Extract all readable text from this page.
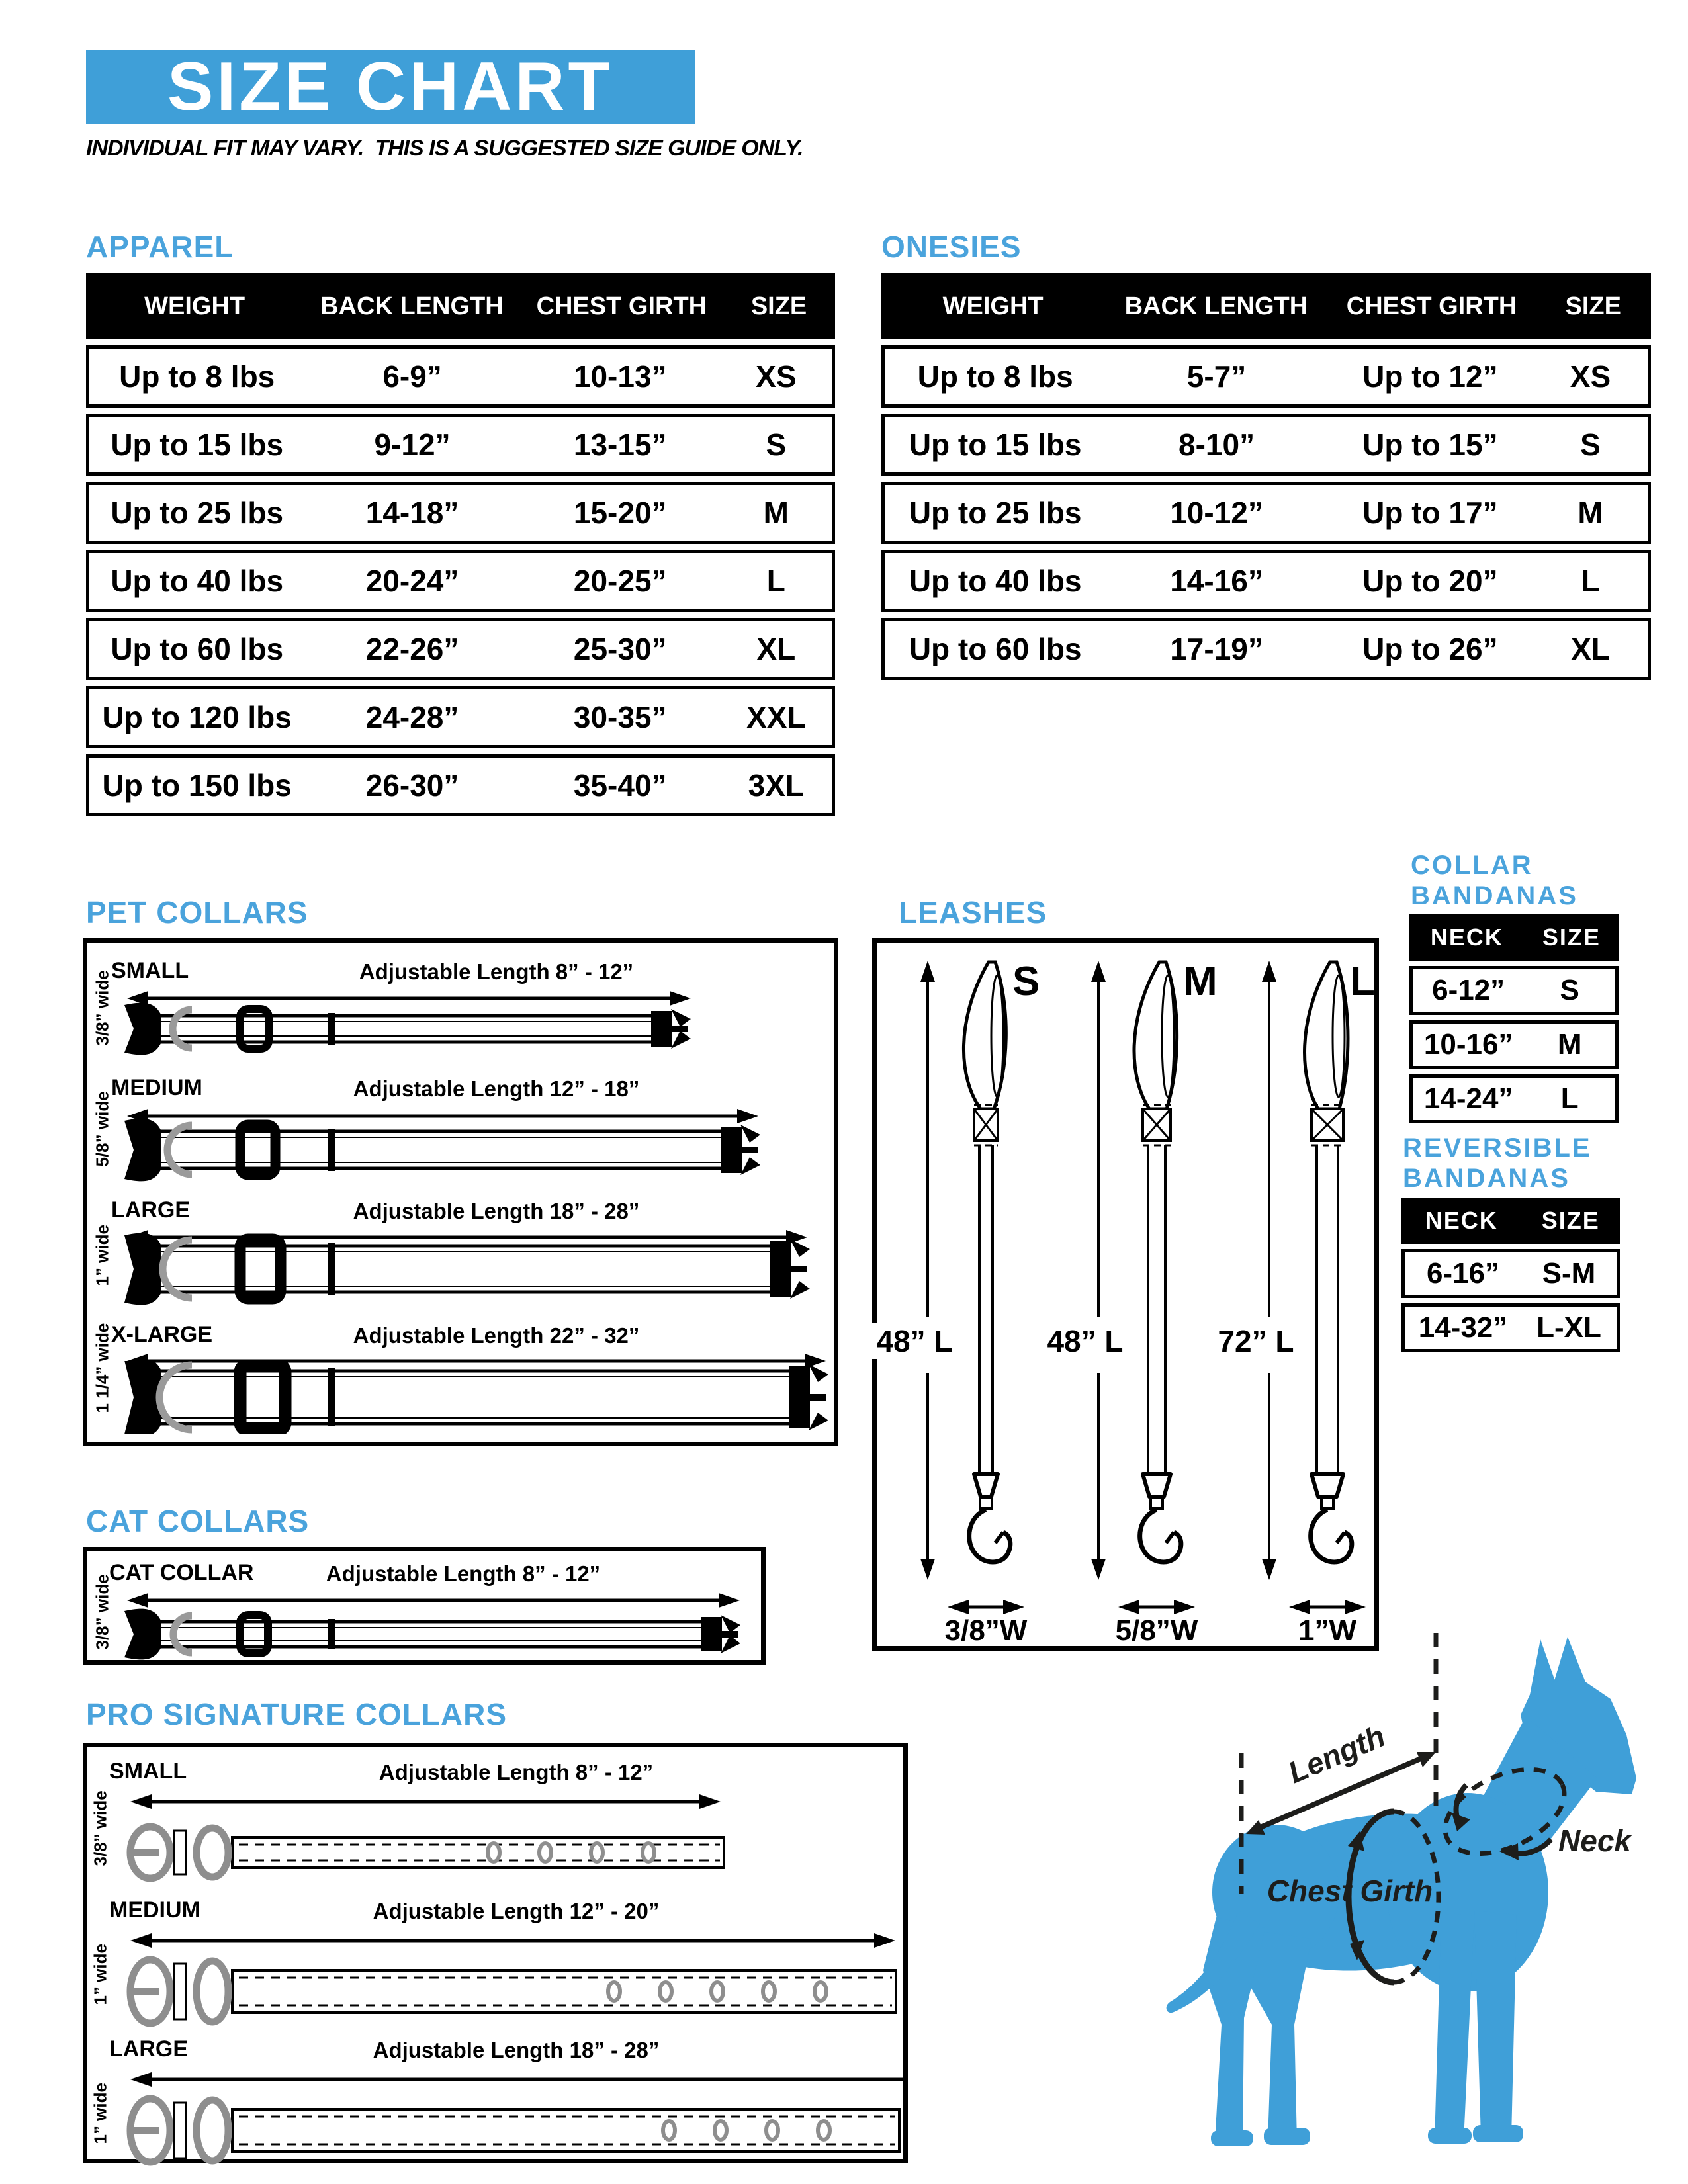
SIZE CHART
INDIVIDUAL FIT MAY VARY.  THIS IS A SUGGESTED SIZE GUIDE ONLY.
APPAREL
WEIGHT	BACK LENGTH	CHEST GIRTH	SIZE
Up to 8 lbs	6-9”	10-13”	XS
Up to 15 lbs	9-12”	13-15”	S
Up to 25 lbs	14-18”	15-20”	M
Up to 40 lbs	20-24”	20-25”	L
Up to 60 lbs	22-26”	25-30”	XL
Up to 120 lbs	24-28”	30-35”	XXL
Up to 150 lbs	26-30”	35-40”	3XL
ONESIES
WEIGHT	BACK LENGTH	CHEST GIRTH	SIZE
Up to 8 lbs	5-7”	Up to 12”	XS
Up to 15 lbs	8-10”	Up to 15”	S
Up to 25 lbs	10-12”	Up to 17”	M
Up to 40 lbs	14-16”	Up to 20”	L
Up to 60 lbs	17-19”	Up to 26”	XL
PET COLLARS
SMALL	Adjustable Length 8” - 12”
MEDIUM	Adjustable Length 12” - 18”
LARGE	Adjustable Length 18” - 28”
X-LARGE	Adjustable Length 22” - 32”
LEASHES
S
48” L
3/8”W
M
48” L
5/8”W
L
72” L
1”W
COLLAR
BANDANAS
NECK	SIZE
6-12”	S
10-16”	M
14-24”	L
REVERSIBLE
BANDANAS
NECK	SIZE
6-16”	S-M
14-32” L-XL
CAT COLLARS
CAT COLLAR	Adjustable Length 8” - 12”
PRO SIGNATURE COLLARS
SMALL	Adjustable Length 8” - 12”
MEDIUM	Adjustable Length 12” - 20”
LARGE	Adjustable Length 18” - 28”
Length
Neck
Chest Girth
